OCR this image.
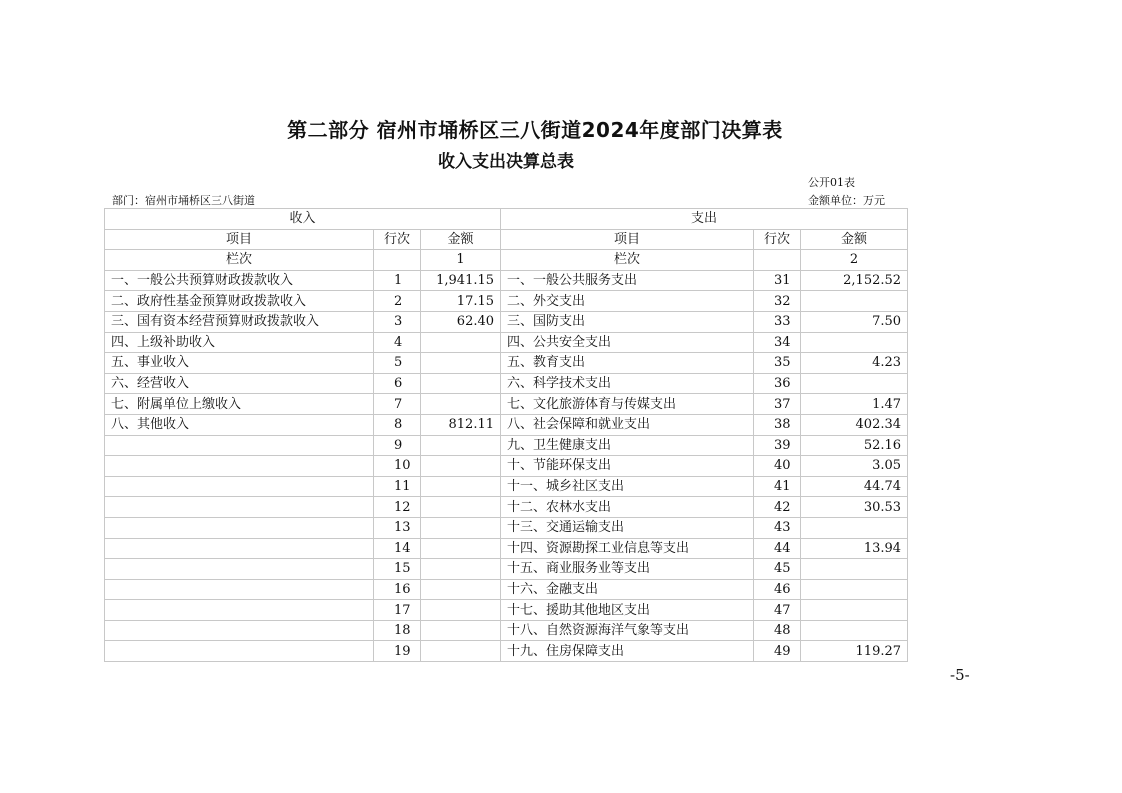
第二部分 宿州市埇桥区三八街道2024年度部门决算表
收入支出决算总表
公开01表
部门：宿州市埇桥区三八街道	金额单位：万元
收入			支出		
项目	行次	金额	项目	行次	金额
栏次		1	栏次		2
一、一般公共预算财政拨款收入	1	1,941.15	一、一般公共服务支出	31	2,152.52
二、政府性基金预算财政拨款收入	2	17.15	二、外交支出	32	
三、国有资本经营预算财政拨款收入	3	62.40	三、国防支出	33	7.50
四、上级补助收入	4		四、公共安全支出	34	
五、事业收入	5		五、教育支出	35	4.23
六、经营收入	6		六、科学技术支出	36	
七、附属单位上缴收入	7		七、文化旅游体育与传媒支出	37	1.47
八、其他收入	8	812.11	八、社会保障和就业支出	38	402.34
	9		九、卫生健康支出	39	52.16
	10		十、节能环保支出	40	3.05
	11		十一、城乡社区支出	41	44.74
	12		十二、农林水支出	42	30.53
	13		十三、交通运输支出	43	
	14		十四、资源勘探工业信息等支出	44	13.94
	15		十五、商业服务业等支出	45	
	16		十六、金融支出	46	
	17		十七、援助其他地区支出	47	
	18		十八、自然资源海洋气象等支出	48	
	19		十九、住房保障支出	49	119.27
-5-
